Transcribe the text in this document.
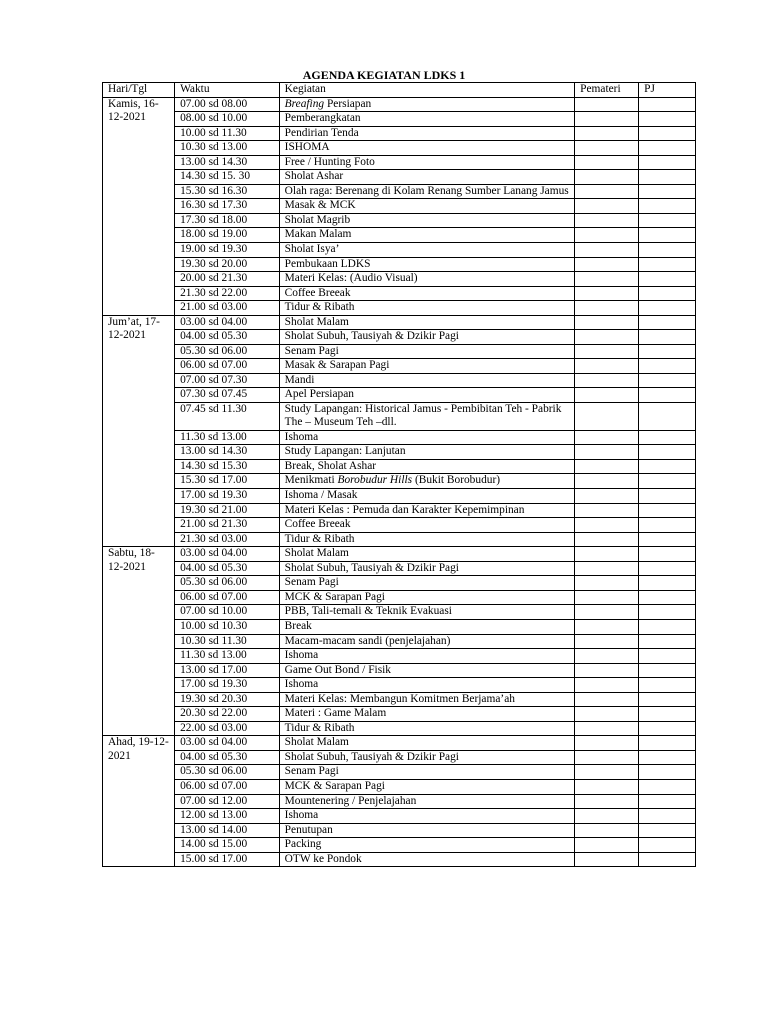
AGENDA KEGIATAN LDKS 1
Hari/Tgl	Waktu	Kegiatan	Pemateri	PJ
Kamis, 16-12-2021	07.00 sd 08.00	Breafing Persiapan		
	08.00 sd 10.00	Pemberangkatan		
	10.00 sd 11.30	Pendirian Tenda		
	10.30 sd 13.00	ISHOMA		
	13.00 sd 14.30	Free / Hunting Foto		
	14.30 sd 15. 30	Sholat Ashar		
	15.30 sd 16.30	Olah raga: Berenang di Kolam Renang Sumber Lanang Jamus		
	16.30 sd 17.30	Masak & MCK		
	17.30 sd 18.00	Sholat Magrib		
	18.00 sd 19.00	Makan Malam		
	19.00 sd 19.30	Sholat Isya’		
	19.30 sd 20.00	Pembukaan LDKS		
	20.00 sd 21.30	Materi Kelas: (Audio Visual)		
	21.30 sd 22.00	Coffee Breeak		
	21.00 sd 03.00	Tidur & Ribath		
Jum’at, 17-12-2021	03.00 sd 04.00	Sholat Malam		
	04.00 sd 05.30	Sholat Subuh, Tausiyah & Dzikir Pagi		
	05.30 sd 06.00	Senam Pagi		
	06.00 sd 07.00	Masak & Sarapan Pagi		
	07.00 sd 07.30	Mandi		
	07.30 sd 07.45	Apel Persiapan		
	07.45 sd 11.30	Study Lapangan: Historical Jamus - Pembibitan Teh - Pabrik The – Museum Teh –dll.		
	11.30 sd 13.00	Ishoma		
	13.00 sd 14.30	Study Lapangan: Lanjutan		
	14.30 sd 15.30	Break, Sholat Ashar		
	15.30 sd 17.00	Menikmati Borobudur Hills (Bukit Borobudur)		
	17.00 sd 19.30	Ishoma / Masak		
	19.30 sd 21.00	Materi Kelas : Pemuda dan Karakter Kepemimpinan		
	21.00 sd 21.30	Coffee Breeak		
	21.30 sd 03.00	Tidur & Ribath		
Sabtu, 18-12-2021	03.00 sd 04.00	Sholat Malam		
	04.00 sd 05.30	Sholat Subuh, Tausiyah & Dzikir Pagi		
	05.30 sd 06.00	Senam Pagi		
	06.00 sd 07.00	MCK & Sarapan Pagi		
	07.00 sd 10.00	PBB, Tali-temali & Teknik Evakuasi		
	10.00 sd 10.30	Break		
	10.30 sd 11.30	Macam-macam sandi (penjelajahan)		
	11.30 sd 13.00	Ishoma		
	13.00 sd 17.00	Game Out Bond / Fisik		
	17.00 sd 19.30	Ishoma		
	19.30 sd 20.30	Materi Kelas: Membangun Komitmen Berjama’ah		
	20.30 sd 22.00	Materi : Game Malam		
	22.00 sd 03.00	Tidur & Ribath		
Ahad, 19-12-2021	03.00 sd 04.00	Sholat Malam		
	04.00 sd 05.30	Sholat Subuh, Tausiyah & Dzikir Pagi		
	05.30 sd 06.00	Senam Pagi		
	06.00 sd 07.00	MCK & Sarapan Pagi		
	07.00 sd 12.00	Mountenering / Penjelajahan		
	12.00 sd 13.00	Ishoma		
	13.00 sd 14.00	Penutupan		
	14.00 sd 15.00	Packing		
	15.00 sd 17.00	OTW ke Pondok		
